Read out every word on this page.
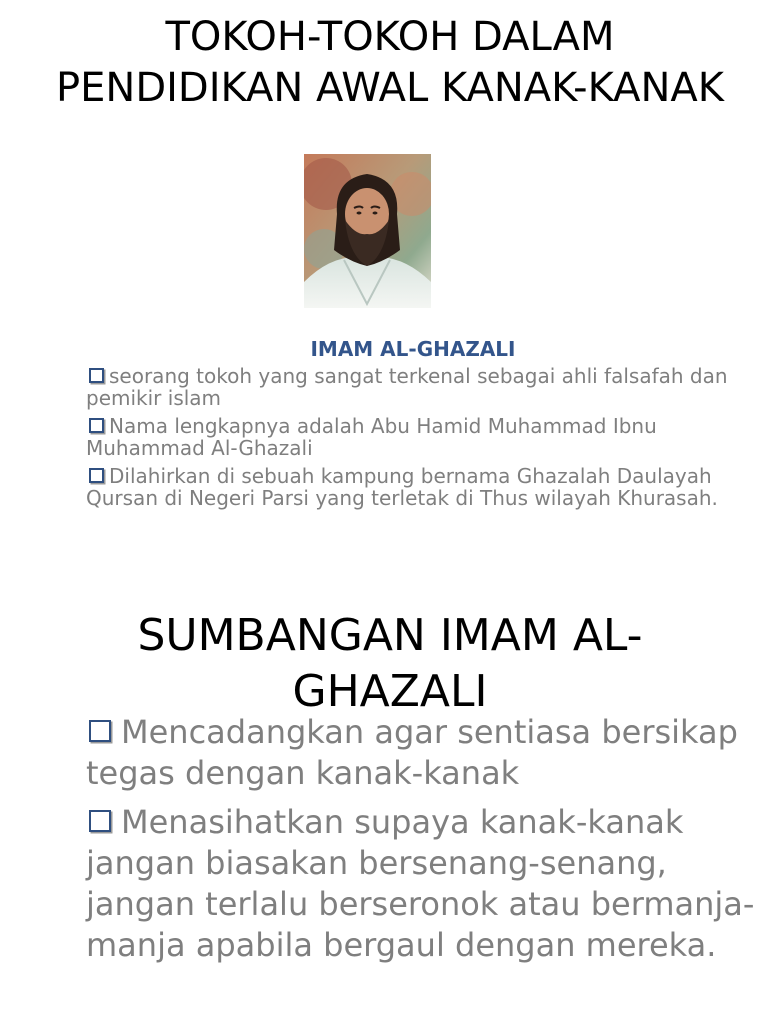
TOKOH-TOKOH DALAM PENDIDIKAN AWAL KANAK-KANAK
IMAM AL-GHAZALI
seorang tokoh yang sangat terkenal sebagai ahli falsafah dan pemikir islam
Nama lengkapnya adalah Abu Hamid Muhammad Ibnu Muhammad Al-Ghazali
Dilahirkan di sebuah kampung bernama Ghazalah Daulayah Qursan di Negeri Parsi yang terletak di Thus wilayah Khurasah.
SUMBANGAN IMAM AL-GHAZALI
Mencadangkan agar sentiasa bersikap tegas dengan kanak-kanak
Menasihatkan supaya kanak-kanak jangan biasakan bersenang-senang, jangan terlalu berseronok atau bermanja-manja apabila bergaul dengan mereka.
